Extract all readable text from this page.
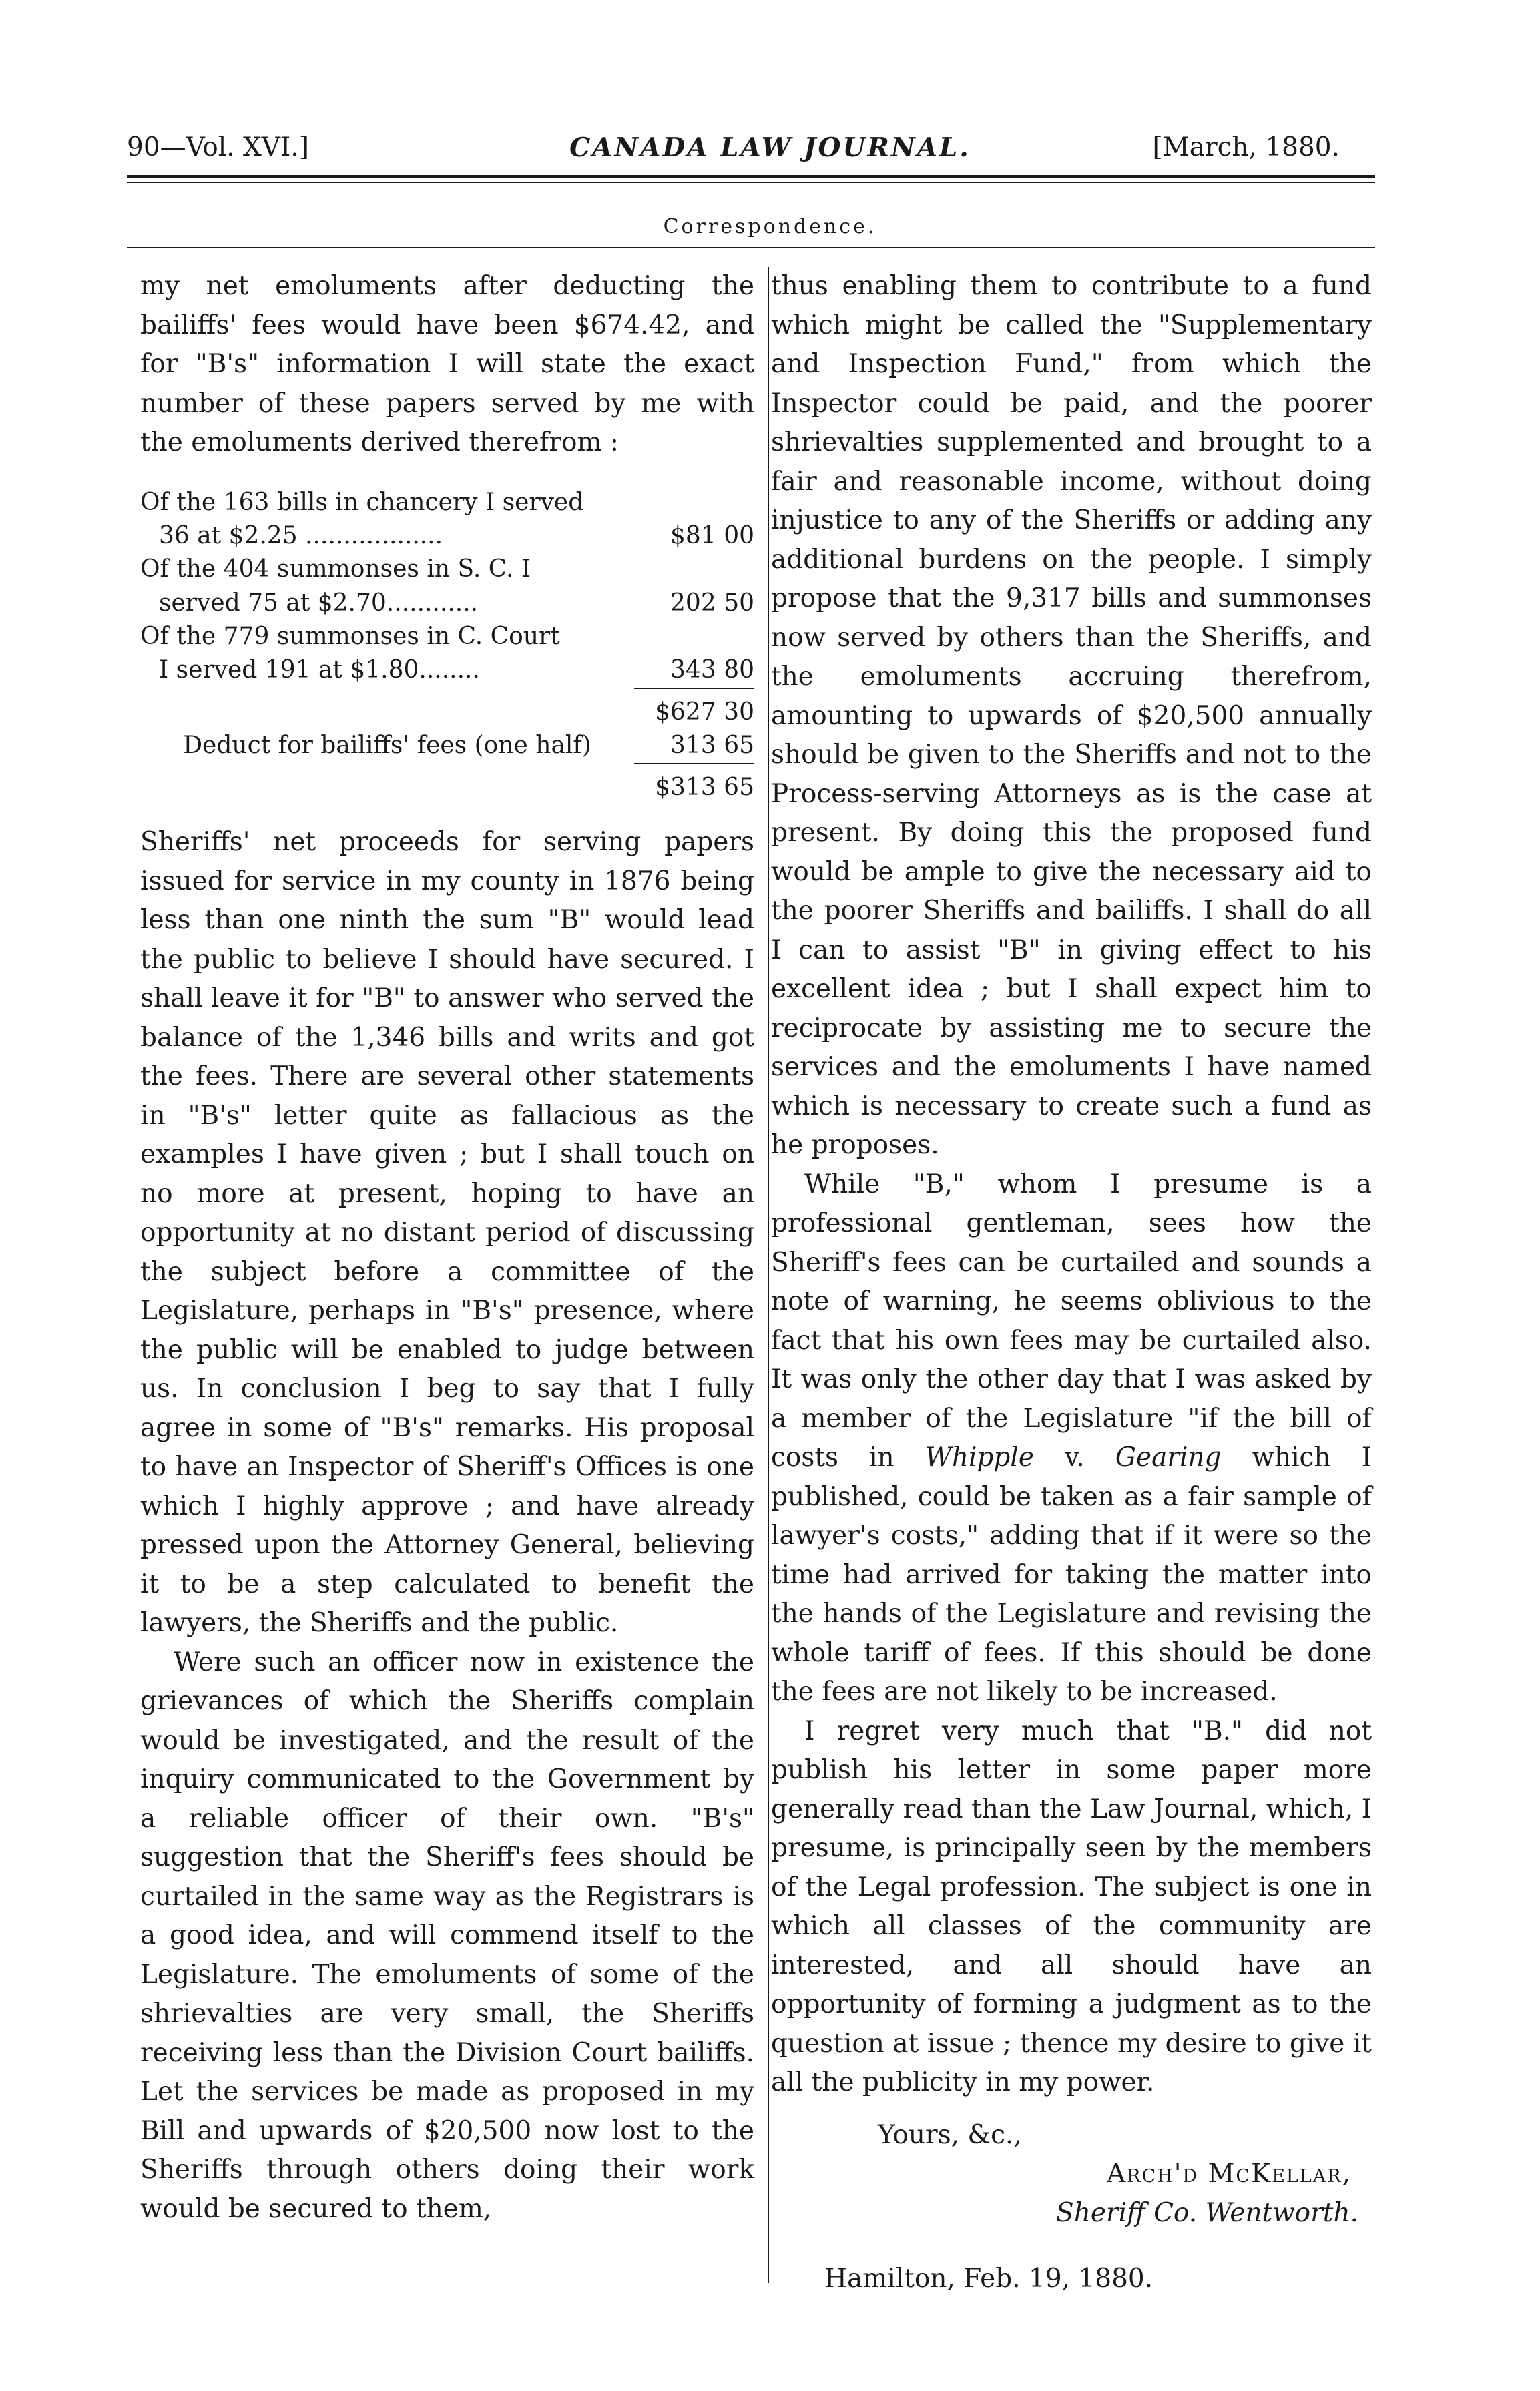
90—Vol. XVI.]	CANADA LAW JOURNAL.	[March, 1880.
Correspondence.

my net emoluments after deducting the bailiffs' fees would have been $674.42, and for "B's" information I will state the exact number of these papers served by me with the emoluments derived therefrom :

Of the 163 bills in chancery I served
36 at $2.25 ..................	$81 00
Of the 404 summonses in S. C. I
served 75 at $2.70............	202 50
Of the 779 summonses in C. Court
I served 191 at $1.80........	343 80
$627 30
Deduct for bailiffs' fees (one half)	313 65
$313 65

Sheriffs' net proceeds for serving papers issued for service in my county in 1876 being less than one ninth the sum "B" would lead the public to believe I should have secured. I shall leave it for "B" to answer who served the balance of the 1,346 bills and writs and got the fees. There are several other statements in "B's" letter quite as fallacious as the examples I have given ; but I shall touch on no more at present, hoping to have an opportunity at no distant period of discussing the subject before a committee of the Legislature, perhaps in "B's" presence, where the public will be enabled to judge between us. In conclusion I beg to say that I fully agree in some of "B's" remarks. His proposal to have an Inspector of Sheriff's Offices is one which I highly approve ; and have already pressed upon the Attorney General, believing it to be a step calculated to benefit the lawyers, the Sheriffs and the public.

Were such an officer now in existence the grievances of which the Sheriffs complain would be investigated, and the result of the inquiry communicated to the Government by a reliable officer of their own. "B's" suggestion that the Sheriff's fees should be curtailed in the same way as the Registrars is a good idea, and will commend itself to the Legislature. The emoluments of some of the shrievalties are very small, the Sheriffs receiving less than the Division Court bailiffs. Let the services be made as proposed in my Bill and upwards of $20,500 now lost to the Sheriffs through others doing their work would be secured to them,

thus enabling them to contribute to a fund which might be called the "Supplementary and Inspection Fund," from which the Inspector could be paid, and the poorer shrievalties supplemented and brought to a fair and reasonable income, without doing injustice to any of the Sheriffs or adding any additional burdens on the people. I simply propose that the 9,317 bills and summonses now served by others than the Sheriffs, and the emoluments accruing therefrom, amounting to upwards of $20,500 annually should be given to the Sheriffs and not to the Process-serving Attorneys as is the case at present. By doing this the proposed fund would be ample to give the necessary aid to the poorer Sheriffs and bailiffs. I shall do all I can to assist "B" in giving effect to his excellent idea ; but I shall expect him to reciprocate by assisting me to secure the services and the emoluments I have named which is necessary to create such a fund as he proposes.

While "B," whom I presume is a professional gentleman, sees how the Sheriff's fees can be curtailed and sounds a note of warning, he seems oblivious to the fact that his own fees may be curtailed also. It was only the other day that I was asked by a member of the Legislature "if the bill of costs in Whipple v. Gearing which I published, could be taken as a fair sample of lawyer's costs," adding that if it were so the time had arrived for taking the matter into the hands of the Legislature and revising the whole tariff of fees. If this should be done the fees are not likely to be increased.

I regret very much that "B." did not publish his letter in some paper more generally read than the Law Journal, which, I presume, is principally seen by the members of the Legal profession. The subject is one in which all classes of the community are interested, and all should have an opportunity of forming a judgment as to the question at issue ; thence my desire to give it all the publicity in my power.

Yours, &c.,
Arch'd McKellar,
Sheriff Co. Wentworth.
Hamilton, Feb. 19, 1880.
